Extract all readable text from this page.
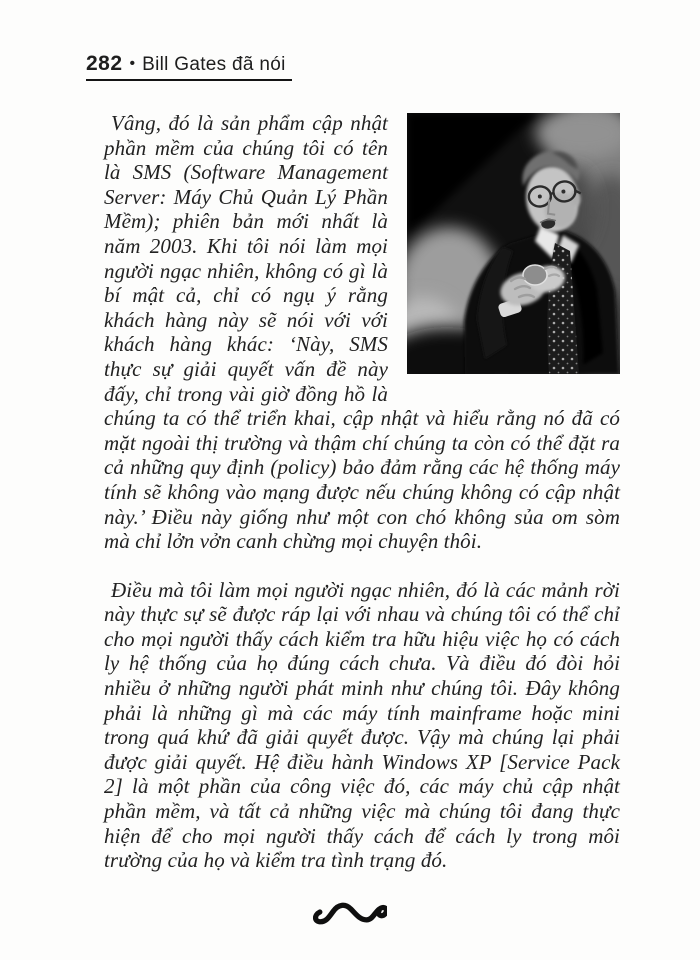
282 • Bill Gates đã nói

Vâng, đó là sản phẩm cập nhật phần mềm của chúng tôi có tên là SMS (Software Management Server: Máy Chủ Quản Lý Phần Mềm); phiên bản mới nhất là năm 2003. Khi tôi nói làm mọi người ngạc nhiên, không có gì là bí mật cả, chỉ có ngụ ý rằng khách hàng này sẽ nói với với khách hàng khác: ‘Này, SMS thực sự giải quyết vấn đề này đấy, chỉ trong vài giờ đồng hồ là chúng ta có thể triển khai, cập nhật và hiểu rằng nó đã có mặt ngoài thị trường và thậm chí chúng ta còn có thể đặt ra cả những quy định (policy) bảo đảm rằng các hệ thống máy tính sẽ không vào mạng được nếu chúng không có cập nhật này.’ Điều này giống như một con chó không sủa om sòm mà chỉ lởn vởn canh chừng mọi chuyện thôi.

Điều mà tôi làm mọi người ngạc nhiên, đó là các mảnh rời này thực sự sẽ được ráp lại với nhau và chúng tôi có thể chỉ cho mọi người thấy cách kiểm tra hữu hiệu việc họ có cách ly hệ thống của họ đúng cách chưa. Và điều đó đòi hỏi nhiều ở những người phát minh như chúng tôi. Đây không phải là những gì mà các máy tính mainframe hoặc mini trong quá khứ đã giải quyết được. Vậy mà chúng lại phải được giải quyết. Hệ điều hành Windows XP [Service Pack 2] là một phần của công việc đó, các máy chủ cập nhật phần mềm, và tất cả những việc mà chúng tôi đang thực hiện để cho mọi người thấy cách để cách ly trong môi trường của họ và kiểm tra tình trạng đó.
